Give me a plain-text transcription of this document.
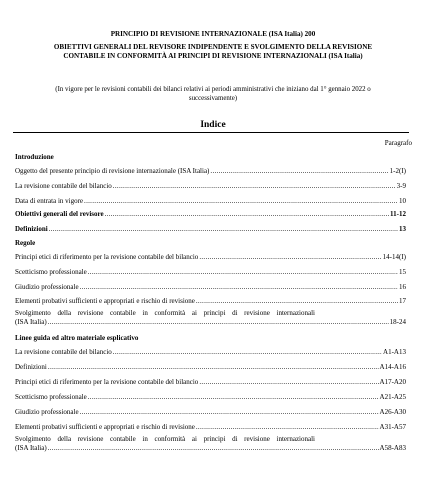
PRINCIPIO DI REVISIONE INTERNAZIONALE (ISA Italia) 200
OBIETTIVI GENERALI DEL REVISORE INDIPENDENTE E SVOLGIMENTO DELLA REVISIONE
CONTABILE IN CONFORMITÀ AI PRINCIPI DI REVISIONE INTERNAZIONALI (ISA Italia)
(In vigore per le revisioni contabili dei bilanci relativi ai periodi amministrativi che iniziano dal 1° gennaio 2022 o
successivamente)
Indice
Paragrafo
Introduzione
Oggetto del presente principio di revisione internazionale (ISA Italia) .....	1-2(I)
La revisione contabile del bilancio .....	3-9
Data di entrata in vigore .....	10
Obiettivi generali del revisore .....	11-12
Definizioni .....	13
Regole
Principi etici di riferimento per la revisione contabile del bilancio .....	14-14(I)
Scetticismo professionale .....	15
Giudizio professionale .....	16
Elementi probativi sufficienti e appropriati e rischio di revisione .....	17
Svolgimento della revisione contabile in conformità ai principi di revisione internazionali
(ISA Italia) .....	18-24
Linee guida ed altro materiale esplicativo
La revisione contabile del bilancio .....	A1-A13
Definizioni .....	A14-A16
Principi etici di riferimento per la revisione contabile del bilancio .....	A17-A20
Scetticismo professionale .....	A21-A25
Giudizio professionale .....	A26-A30
Elementi probativi sufficienti e appropriati e rischio di revisione .....	A31-A57
Svolgimento della revisione contabile in conformità ai principi di revisione internazionali
(ISA Italia) .....	A58-A83
